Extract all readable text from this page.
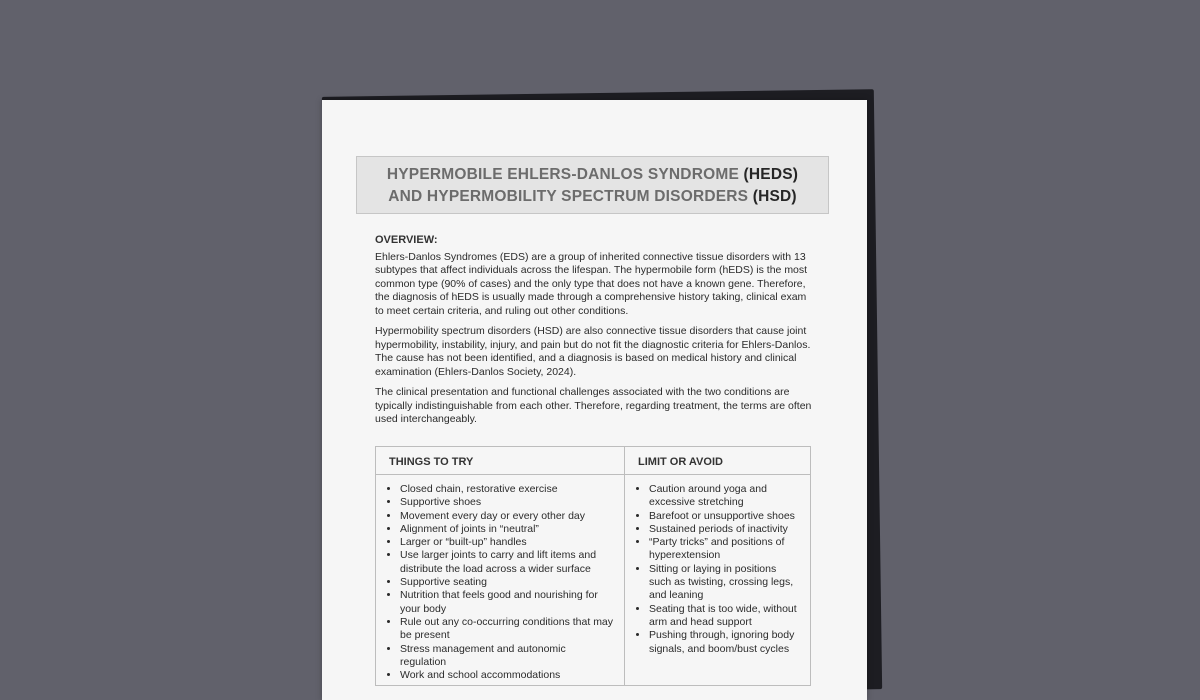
HYPERMOBILE EHLERS-DANLOS SYNDROME (HEDS)
AND HYPERMOBILITY SPECTRUM DISORDERS (HSD)
OVERVIEW:

Ehlers-Danlos Syndromes (EDS) are a group of inherited connective tissue disorders with 13 subtypes that affect individuals across the lifespan. The hypermobile form (hEDS) is the most common type (90% of cases) and the only type that does not have a known gene. Therefore, the diagnosis of hEDS is usually made through a comprehensive history taking, clinical exam to meet certain criteria, and ruling out other conditions.

Hypermobility spectrum disorders (HSD) are also connective tissue disorders that cause joint hypermobility, instability, injury, and pain but do not fit the diagnostic criteria for Ehlers-Danlos. The cause has not been identified, and a diagnosis is based on medical history and clinical examination (Ehlers-Danlos Society, 2024).

The clinical presentation and functional challenges associated with the two conditions are typically indistinguishable from each other. Therefore, regarding treatment, the terms are often used interchangeably.

THINGS TO TRY
• Closed chain, restorative exercise
• Supportive shoes
• Movement every day or every other day
• Alignment of joints in “neutral”
• Larger or “built-up” handles
• Use larger joints to carry and lift items and distribute the load across a wider surface
• Supportive seating
• Nutrition that feels good and nourishing for your body
• Rule out any co-occurring conditions that may be present
• Stress management and autonomic regulation
• Work and school accommodations
LIMIT OR AVOID
• Caution around yoga and excessive stretching
• Barefoot or unsupportive shoes
• Sustained periods of inactivity
• “Party tricks” and positions of hyperextension
• Sitting or laying in positions such as twisting, crossing legs, and leaning
• Seating that is too wide, without arm and head support
• Pushing through, ignoring body signals, and boom/bust cycles
